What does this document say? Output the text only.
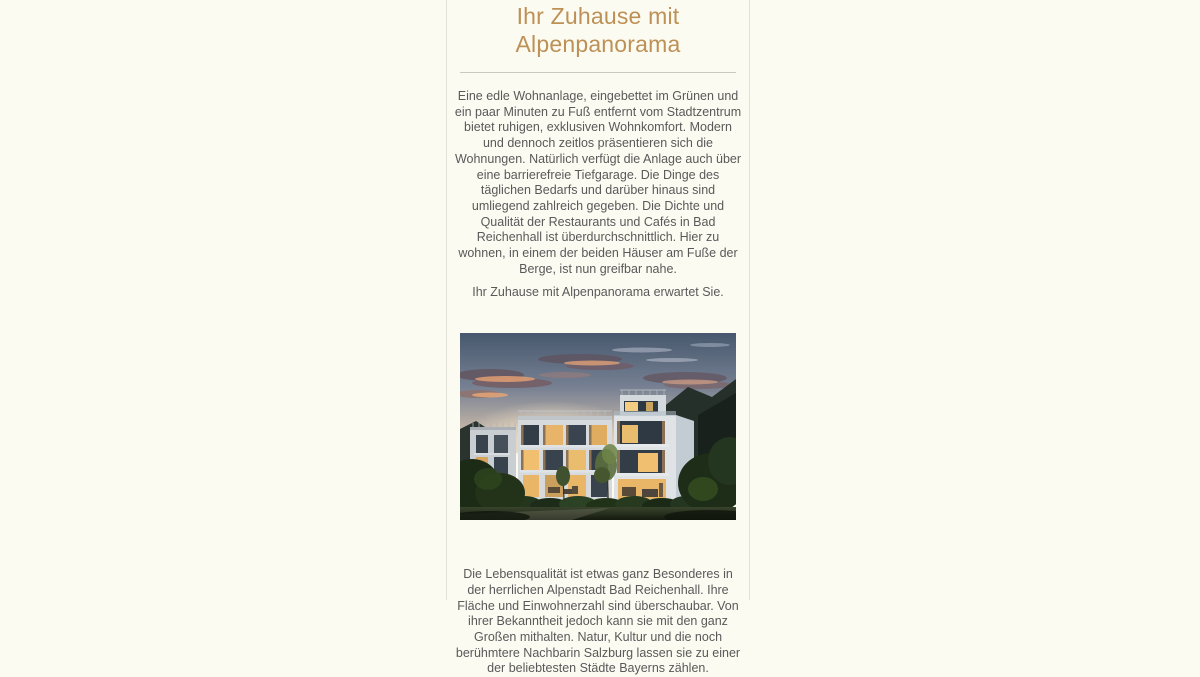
Ihr Zuhause mit Alpenpanorama

Eine edle Wohnanlage, eingebettet im Grünen und ein paar Minuten zu Fuß entfernt vom Stadtzentrum bietet ruhigen, exklusiven Wohnkomfort. Modern und dennoch zeitlos präsentieren sich die Wohnungen. Natürlich verfügt die Anlage auch über eine barrierefreie Tiefgarage. Die Dinge des täglichen Bedarfs und darüber hinaus sind umliegend zahlreich gegeben. Die Dichte und Qualität der Restaurants und Cafés in Bad Reichenhall ist überdurchschnittlich. Hier zu wohnen, in einem der beiden Häuser am Fuße der Berge, ist nun greifbar nahe.

Ihr Zuhause mit Alpenpanorama erwartet Sie.

Die Lebensqualität ist etwas ganz Besonderes in der herrlichen Alpenstadt Bad Reichenhall. Ihre Fläche und Einwohnerzahl sind überschaubar. Von ihrer Bekanntheit jedoch kann sie mit den ganz Großen mithalten. Natur, Kultur und die noch berühmtere Nachbarin Salzburg lassen sie zu einer der beliebtesten Städte Bayerns zählen.
